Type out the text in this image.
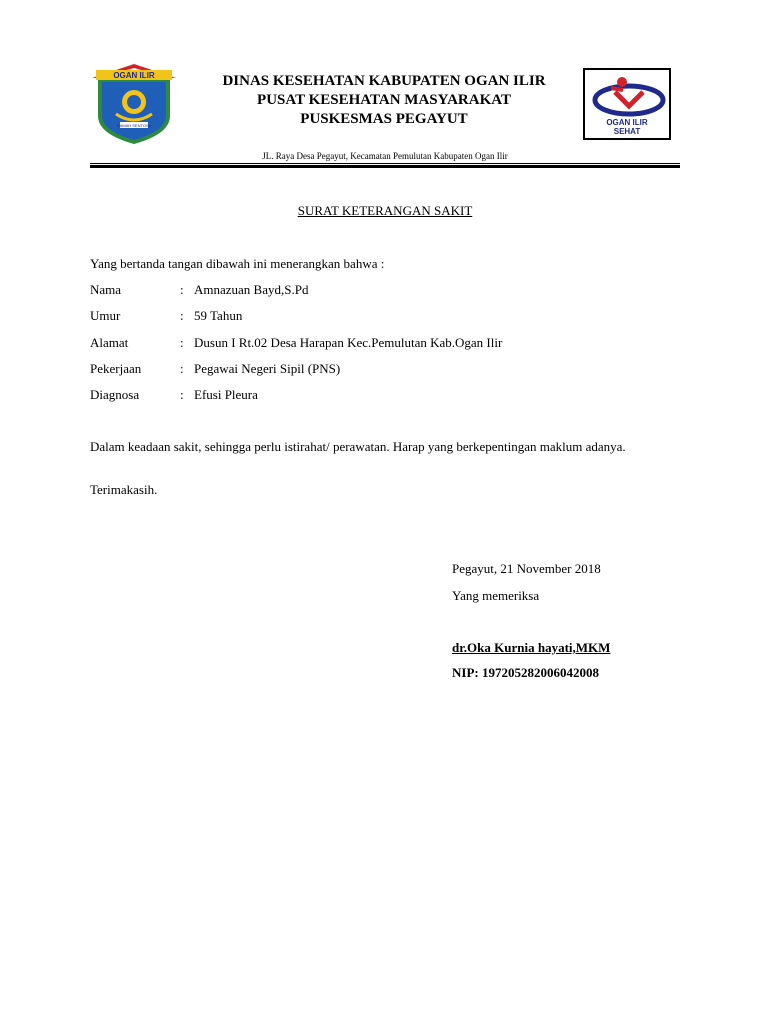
OGAN ILIR
RAMAH SENTOSA
DINAS KESEHATAN KABUPATEN OGAN ILIR
PUSAT KESEHATAN MASYARAKAT
PUSKESMAS PEGAYUT	OGAN ILIR
SEHAT
JL. Raya Desa Pegayut, Kecamatan Pemulutan Kabupaten Ogan Ilir
SURAT KETERANGAN SAKIT
Yang bertanda tangan dibawah ini menerangkan bahwa :
Nama	: Amnazuan Bayd,S.Pd
Umur	: 59 Tahun
Alamat	: Dusun I Rt.02 Desa Harapan Kec.Pemulutan Kab.Ogan Ilir
Pekerjaan	: Pegawai Negeri Sipil (PNS)
Diagnosa	: Efusi Pleura
Dalam keadaan sakit, sehingga perlu istirahat/ perawatan. Harap yang berkepentingan maklum adanya.
Terimakasih.
Pegayut, 21 November 2018
Yang memeriksa
dr.Oka Kurnia hayati,MKM
NIP: 197205282006042008
